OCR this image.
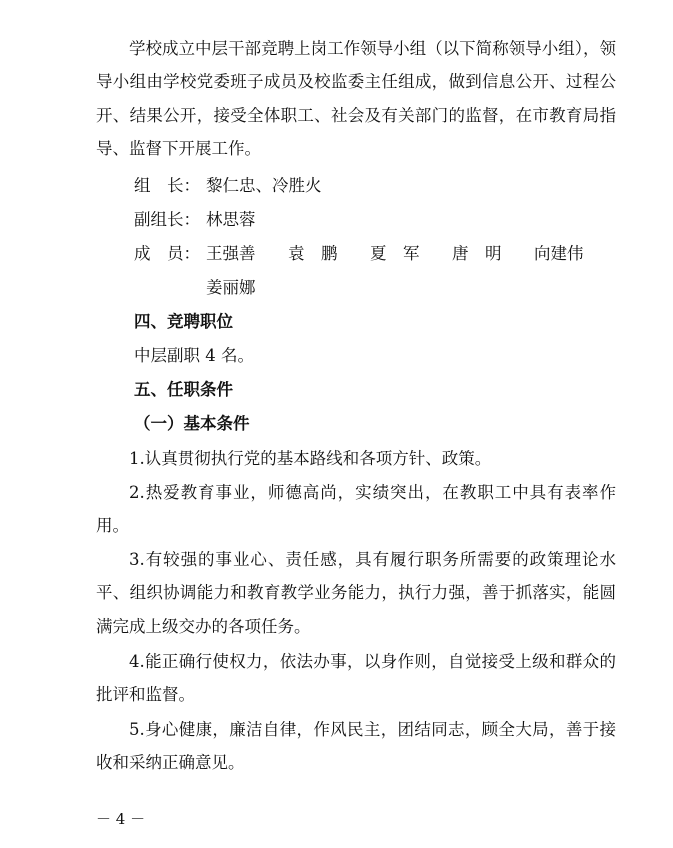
学校成立中层干部竞聘上岗工作领导小组（以下简称领导小组），领导小组由学校党委班子成员及校监委主任组成，做到信息公开、过程公开、结果公开，接受全体职工、社会及有关部门的监督，在市教育局指导、监督下开展工作。
组　长： 黎仁忠、冷胜火
副组长： 林思蓉
成　员： 王强善 袁　鹏 夏　军 唐　明 向建伟
姜丽娜
四、竞聘职位
中层副职 4 名。
五、任职条件
（一）基本条件
1.认真贯彻执行党的基本路线和各项方针、政策。
2.热爱教育事业，师德高尚，实绩突出，在教职工中具有表率作用。
3.有较强的事业心、责任感，具有履行职务所需要的政策理论水平、组织协调能力和教育教学业务能力，执行力强，善于抓落实，能圆满完成上级交办的各项任务。
4.能正确行使权力，依法办事，以身作则，自觉接受上级和群众的批评和监督。
5.身心健康，廉洁自律，作风民主，团结同志，顾全大局，善于接收和采纳正确意见。
－ 4 －
